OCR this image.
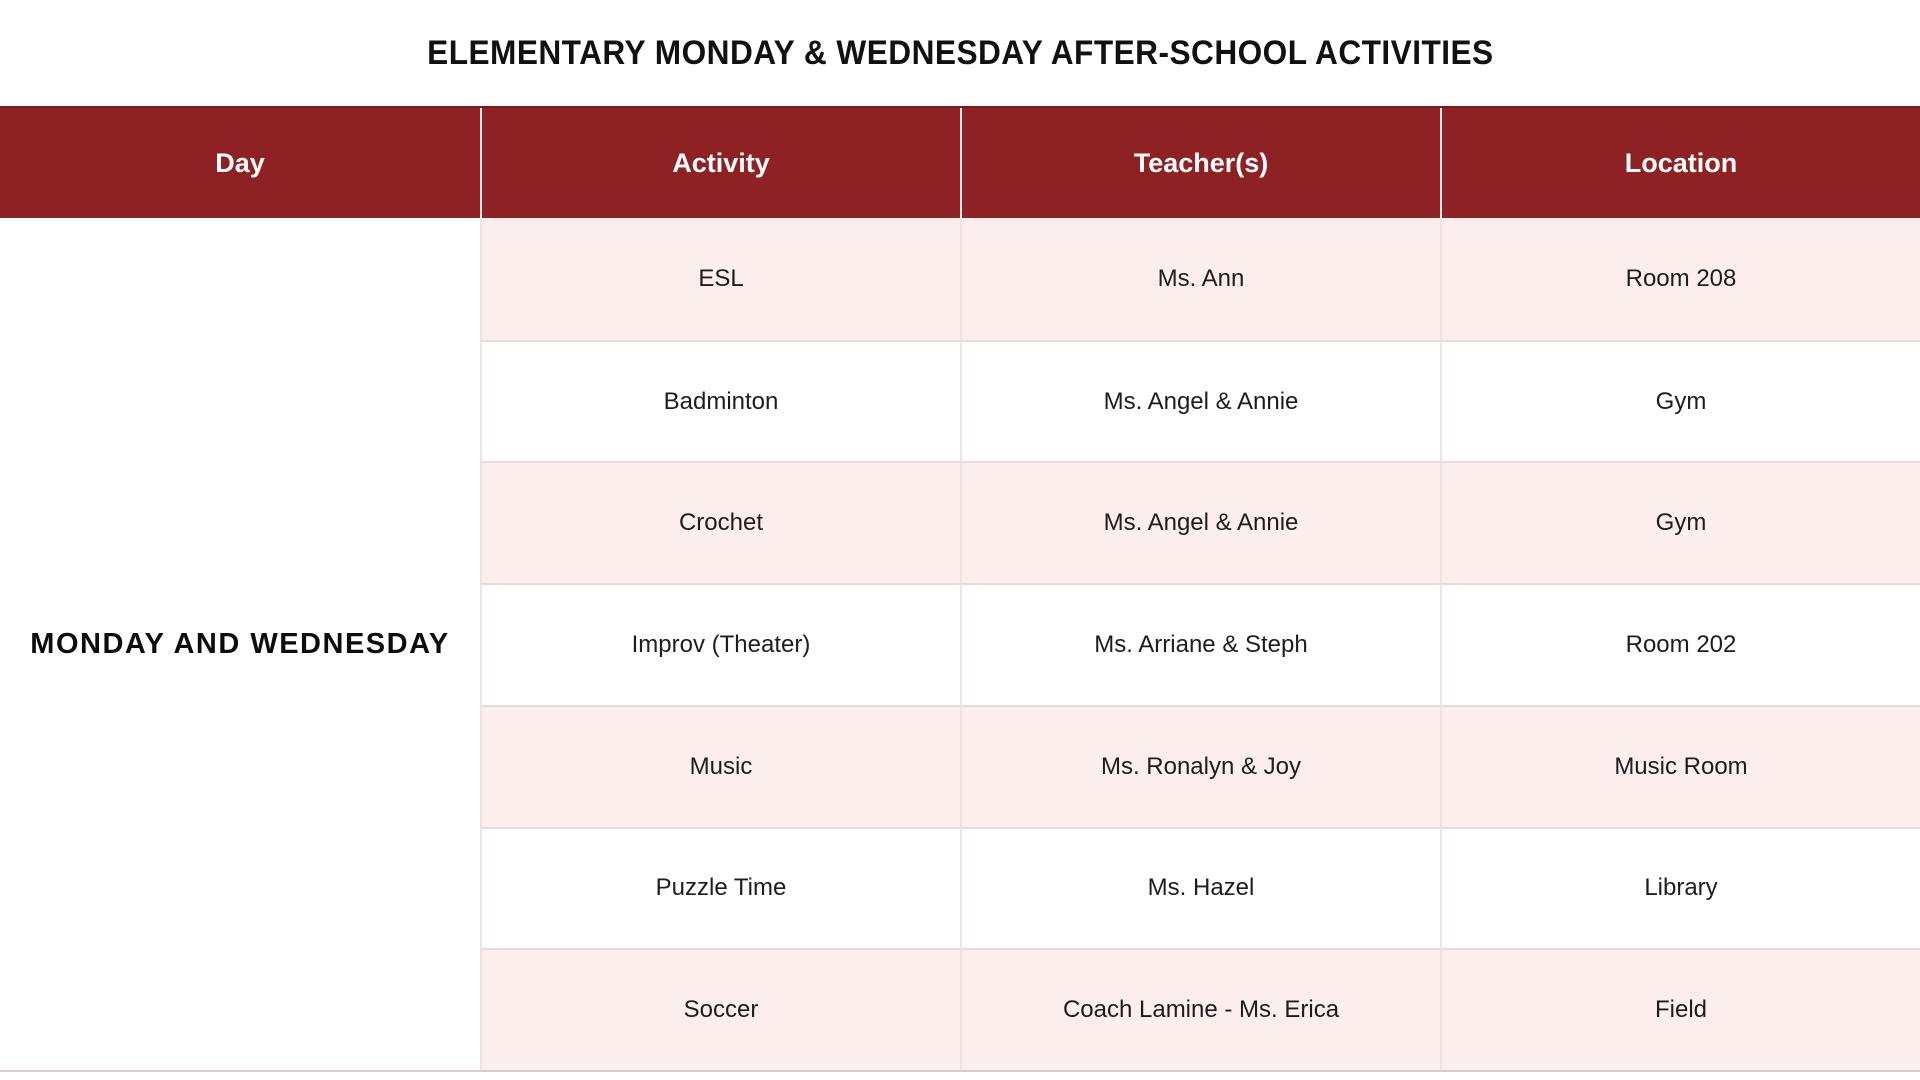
ELEMENTARY MONDAY & WEDNESDAY AFTER-SCHOOL ACTIVITIES
Day	Activity	Teacher(s)	Location
MONDAY AND WEDNESDAY
ESL	Ms. Ann	Room 208
Badminton	Ms. Angel & Annie	Gym
Crochet	Ms. Angel & Annie	Gym
Improv (Theater)	Ms. Arriane & Steph	Room 202
Music	Ms. Ronalyn & Joy	Music Room
Puzzle Time	Ms. Hazel	Library
Soccer	Coach Lamine - Ms. Erica	Field
